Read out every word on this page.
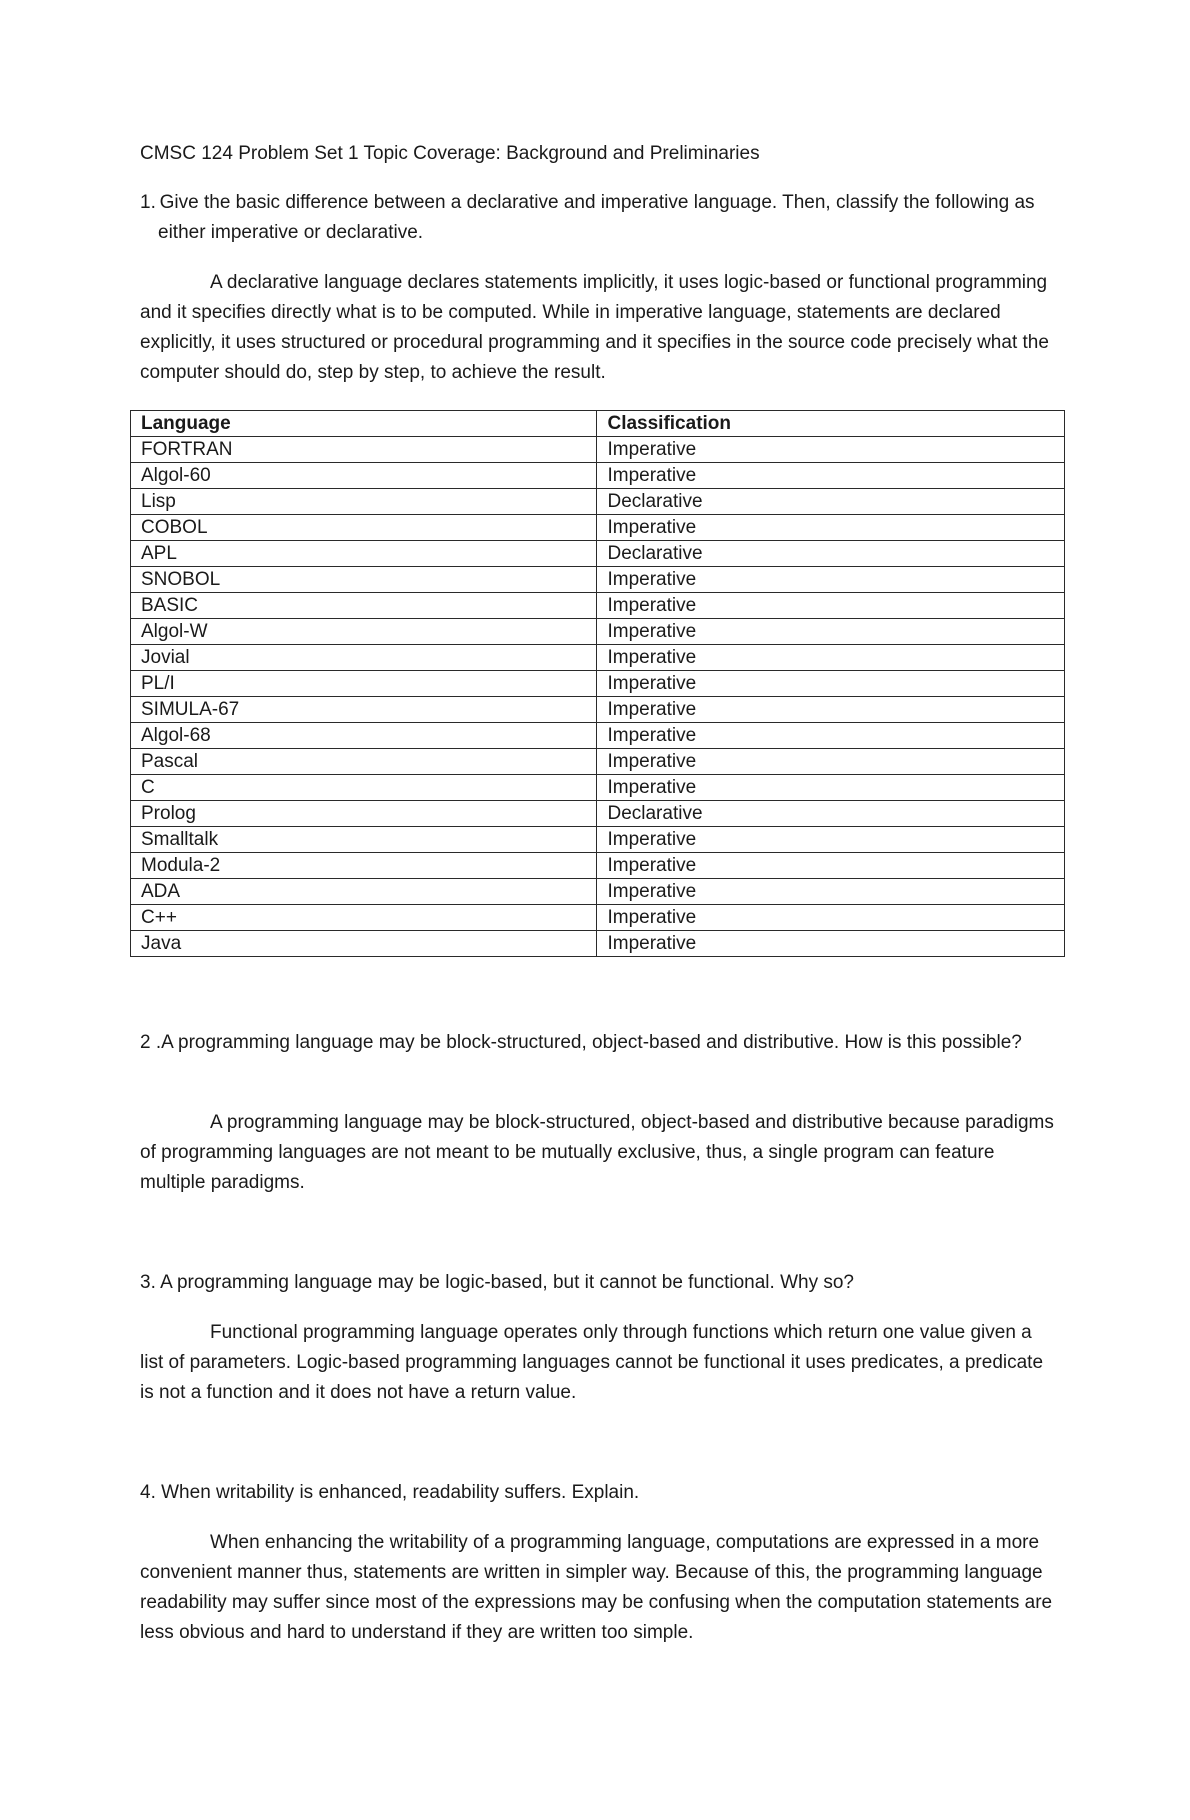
CMSC 124 Problem Set 1 Topic Coverage: Background and Preliminaries
1. Give the basic difference between a declarative and imperative language. Then, classify the following as either imperative or declarative.
A declarative language declares statements implicitly, it uses logic-based or functional programming and it specifies directly what is to be computed. While in imperative language, statements are declared explicitly, it uses structured or procedural programming and it specifies in the source code precisely what the computer should do, step by step, to achieve the result.
Language	Classification
FORTRAN	Imperative
Algol-60	Imperative
Lisp	Declarative
COBOL	Imperative
APL	Declarative
SNOBOL	Imperative
BASIC	Imperative
Algol-W	Imperative
Jovial	Imperative
PL/I	Imperative
SIMULA-67	Imperative
Algol-68	Imperative
Pascal	Imperative
C	Imperative
Prolog	Declarative
Smalltalk	Imperative
Modula-2	Imperative
ADA	Imperative
C++	Imperative
Java	Imperative
2 .A programming language may be block-structured, object-based and distributive. How is this possible?
A programming language may be block-structured, object-based and distributive because paradigms of programming languages are not meant to be mutually exclusive, thus, a single program can feature multiple paradigms.
3. A programming language may be logic-based, but it cannot be functional. Why so?
Functional programming language operates only through functions which return one value given a list of parameters. Logic-based programming languages cannot be functional it uses predicates, a predicate is not a function and it does not have a return value.
4. When writability is enhanced, readability suffers. Explain.
When enhancing the writability of a programming language, computations are expressed in a more convenient manner thus, statements are written in simpler way. Because of this, the programming language readability may suffer since most of the expressions may be confusing when the computation statements are less obvious and hard to understand if they are written too simple.
